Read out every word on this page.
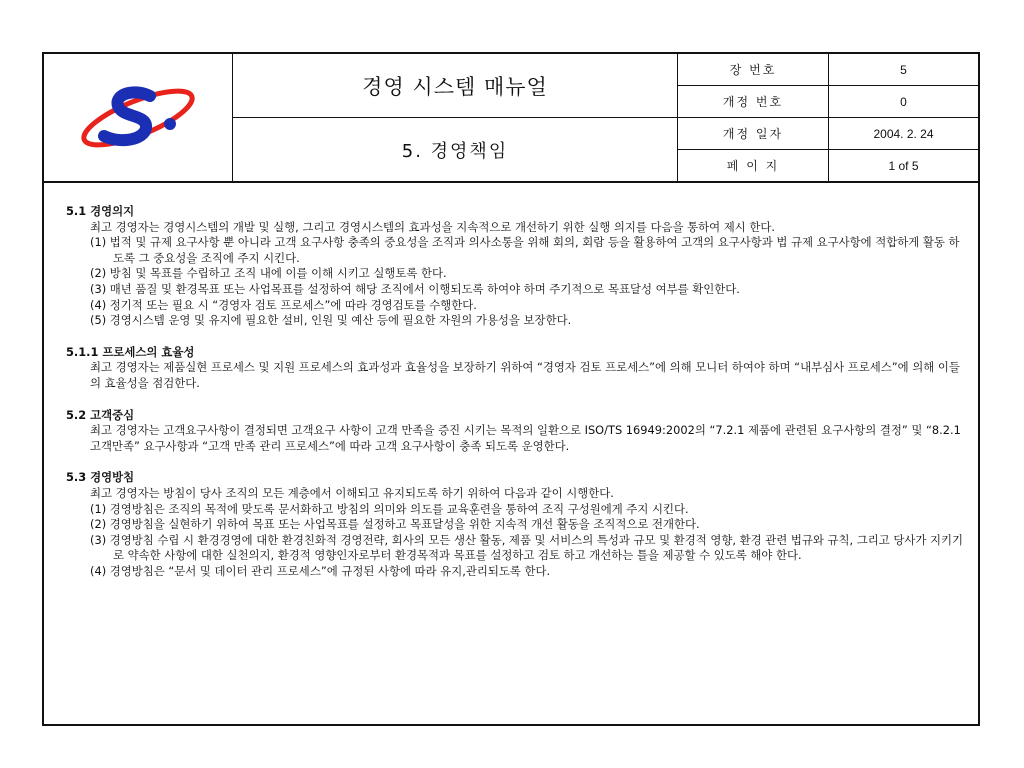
경영 시스템 매뉴얼
5. 경영책임
장 번호	5
개정 번호	0
개정 일자	2004. 2. 24
페 이 지	1 of 5

5.1 경영의지

최고 경영자는 경영시스템의 개발 및 실행, 그리고 경영시스템의 효과성을 지속적으로 개선하기 위한 실행 의지를 다음을 통하여 제시 한다.

(1) 법적 및 규제 요구사항 뿐 아니라 고객 요구사항 충족의 중요성을 조직과 의사소통을 위해 회의, 회람 등을 활용하여 고객의 요구사항과 법 규제 요구사항에 적합하게 활동 하도록 그 중요성을 조직에 주지 시킨다.

(2) 방침 및 목표를 수립하고 조직 내에 이를 이해 시키고 실행토록 한다.

(3) 매년 품질 및 환경목표 또는 사업목표를 설정하여 해당 조직에서 이행되도록 하여야 하며 주기적으로 목표달성 여부를 확인한다.

(4) 정기적 또는 필요 시 “경영자 검토 프로세스”에 따라 경영검토를 수행한다.

(5) 경영시스템 운영 및 유지에 필요한 설비, 인원 및 예산 등에 필요한 자원의 가용성을 보장한다.

5.1.1 프로세스의 효율성

최고 경영자는 제품실현 프로세스 및 지원 프로세스의 효과성과 효율성을 보장하기 위하여 “경영자 검토 프로세스”에 의해 모니터 하여야 하며 “내부심사 프로세스”에 의해 이들의 효율성을 점검한다.

5.2 고객중심

최고 경영자는 고객요구사항이 결정되면 고객요구 사항이 고객 만족을 증진 시키는 목적의 일환으로 ISO/TS 16949:2002의 “7.2.1 제품에 관련된 요구사항의 결정” 및 “8.2.1 고객만족” 요구사항과 “고객 만족 관리 프로세스”에 따라 고객 요구사항이 충족 되도록 운영한다.

5.3 경영방침

최고 경영자는 방침이 당사 조직의 모든 계층에서 이해되고 유지되도록 하기 위하여 다음과 같이 시행한다.

(1) 경영방침은 조직의 목적에 맞도록 문서화하고 방침의 의미와 의도를 교육훈련을 통하여 조직 구성원에게 주지 시킨다.

(2) 경영방침을 실현하기 위하여 목표 또는 사업목표를 설정하고 목표달성을 위한 지속적 개선 활동을 조직적으로 전개한다.

(3) 경영방침 수립 시 환경경영에 대한 환경친화적 경영전략, 회사의 모든 생산 활동, 제품 및 서비스의 특성과 규모 및 환경적 영향, 환경 관련 법규와 규칙, 그리고 당사가 지키기로 약속한 사항에 대한 실천의지, 환경적 영향인자로부터 환경목적과 목표를 설정하고 검토 하고 개선하는 틀을 제공할 수 있도록 해야 한다.

(4) 경영방침은 “문서 및 데이터 관리 프로세스”에 규정된 사항에 따라 유지,관리되도록 한다.
